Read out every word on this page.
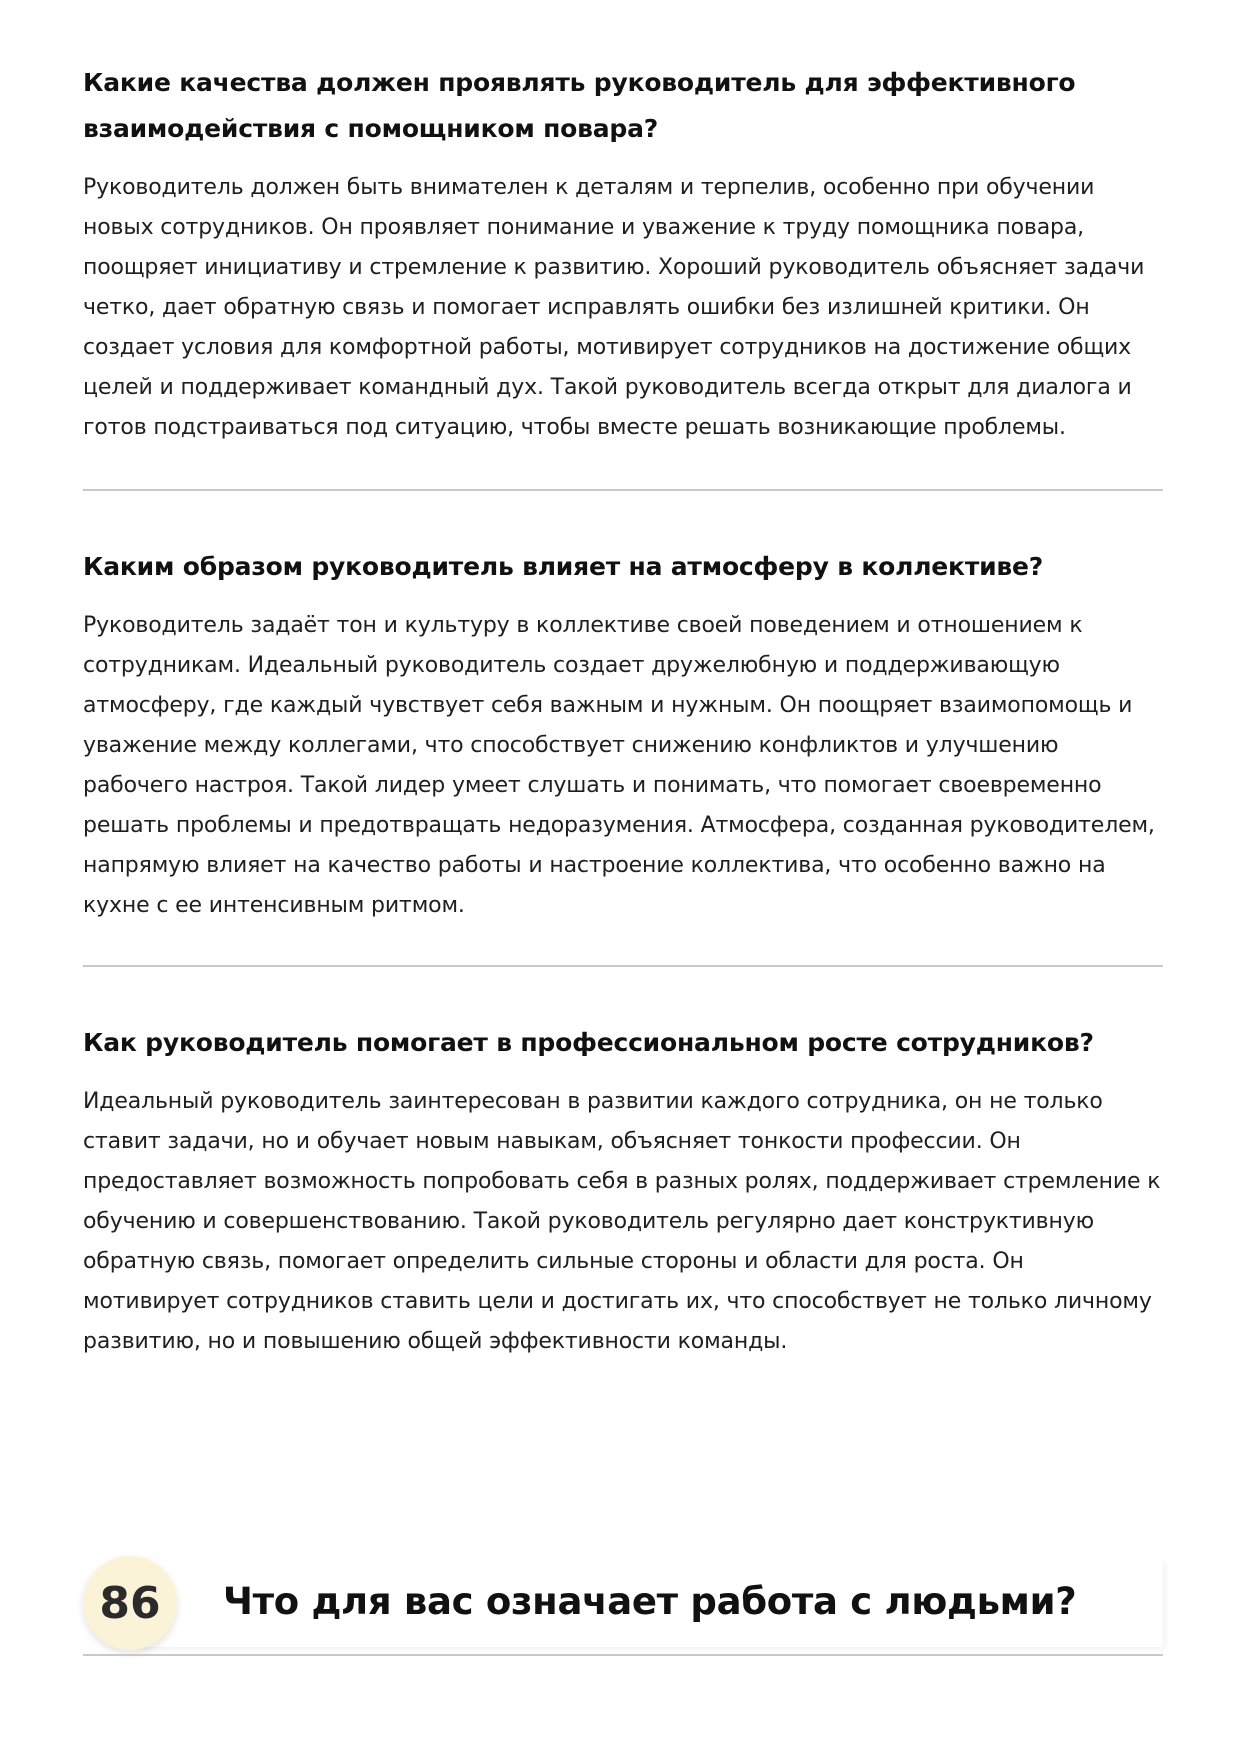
Какие качества должен проявлять руководитель для эффективного взаимодействия с помощником повара?

Руководитель должен быть внимателен к деталям и терпелив, особенно при обучении новых сотрудников. Он проявляет понимание и уважение к труду помощника повара, поощряет инициативу и стремление к развитию. Хороший руководитель объясняет задачи четко, дает обратную связь и помогает исправлять ошибки без излишней критики. Он создает условия для комфортной работы, мотивирует сотрудников на достижение общих целей и поддерживает командный дух. Такой руководитель всегда открыт для диалога и готов подстраиваться под ситуацию, чтобы вместе решать возникающие проблемы.

Каким образом руководитель влияет на атмосферу в коллективе?

Руководитель задаёт тон и культуру в коллективе своей поведением и отношением к сотрудникам. Идеальный руководитель создает дружелюбную и поддерживающую атмосферу, где каждый чувствует себя важным и нужным. Он поощряет взаимопомощь и уважение между коллегами, что способствует снижению конфликтов и улучшению рабочего настроя. Такой лидер умеет слушать и понимать, что помогает своевременно решать проблемы и предотвращать недоразумения. Атмосфера, созданная руководителем, напрямую влияет на качество работы и настроение коллектива, что особенно важно на кухне с ее интенсивным ритмом.

Как руководитель помогает в профессиональном росте сотрудников?

Идеальный руководитель заинтересован в развитии каждого сотрудника, он не только ставит задачи, но и обучает новым навыкам, объясняет тонкости профессии. Он предоставляет возможность попробовать себя в разных ролях, поддерживает стремление к обучению и совершенствованию. Такой руководитель регулярно дает конструктивную обратную связь, помогает определить сильные стороны и области для роста. Он мотивирует сотрудников ставить цели и достигать их, что способствует не только личному развитию, но и повышению общей эффективности команды.

86	Что для вас означает работа с людьми?
